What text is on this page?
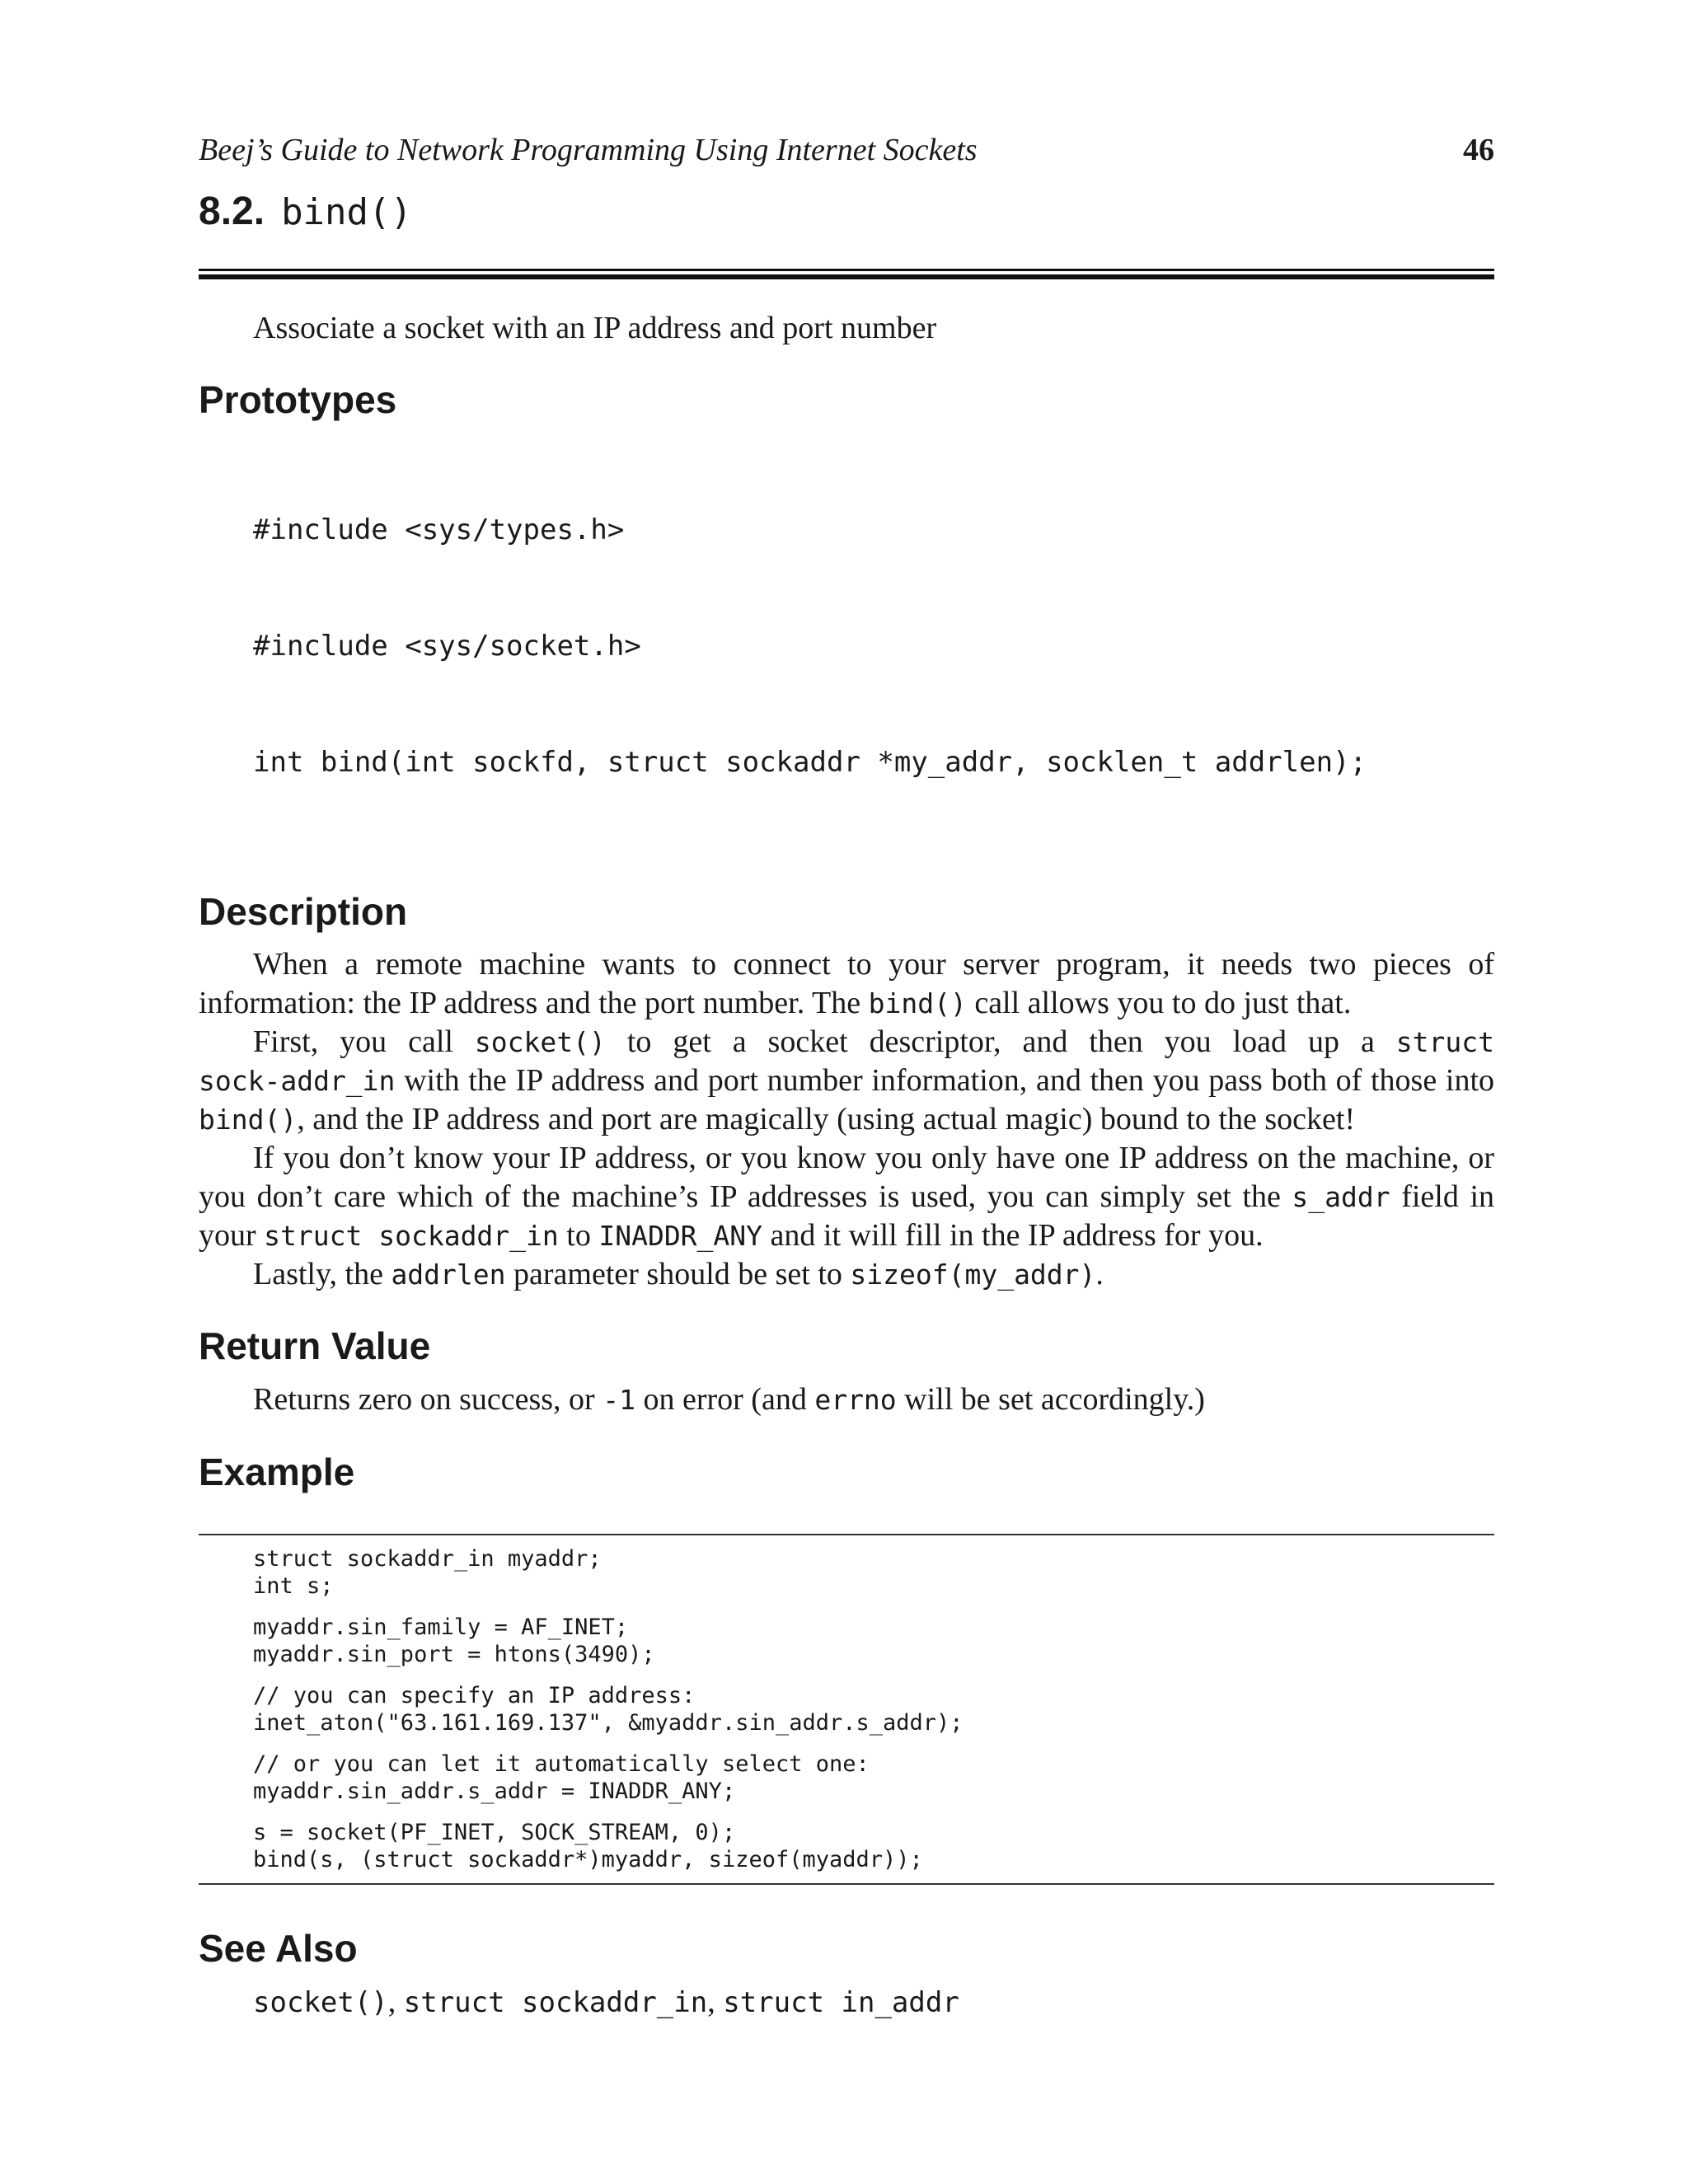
Beej’s Guide to Network Programming Using Internet Sockets	46
8.2. bind()
Associate a socket with an IP address and port number
Prototypes

#include <sys/types.h>

#include <sys/socket.h>

int bind(int sockfd, struct sockaddr *my_addr, socklen_t addrlen);

Description

When a remote machine wants to connect to your server program, it needs two pieces of information: the IP address and the port number. The bind() call allows you to do just that.

First, you call socket() to get a socket descriptor, and then you load up a struct sock‑addr_in with the IP address and port number information, and then you pass both of those into bind(), and the IP address and port are magically (using actual magic) bound to the socket!

If you don’t know your IP address, or you know you only have one IP address on the machine, or you don’t care which of the machine’s IP addresses is used, you can simply set the s_addr field in your struct sockaddr_in to INADDR_ANY and it will fill in the IP address for you.

Lastly, the addrlen parameter should be set to sizeof(my_addr).

Return Value
Returns zero on success, or -1 on error (and errno will be set accordingly.)
Example
struct sockaddr_in myaddr;
int s;
myaddr.sin_family = AF_INET;
myaddr.sin_port = htons(3490);
// you can specify an IP address:
inet_aton("63.161.169.137", &myaddr.sin_addr.s_addr);
// or you can let it automatically select one:
myaddr.sin_addr.s_addr = INADDR_ANY;
s = socket(PF_INET, SOCK_STREAM, 0);
bind(s, (struct sockaddr*)myaddr, sizeof(myaddr));
See Also
socket(), struct sockaddr_in, struct in_addr
